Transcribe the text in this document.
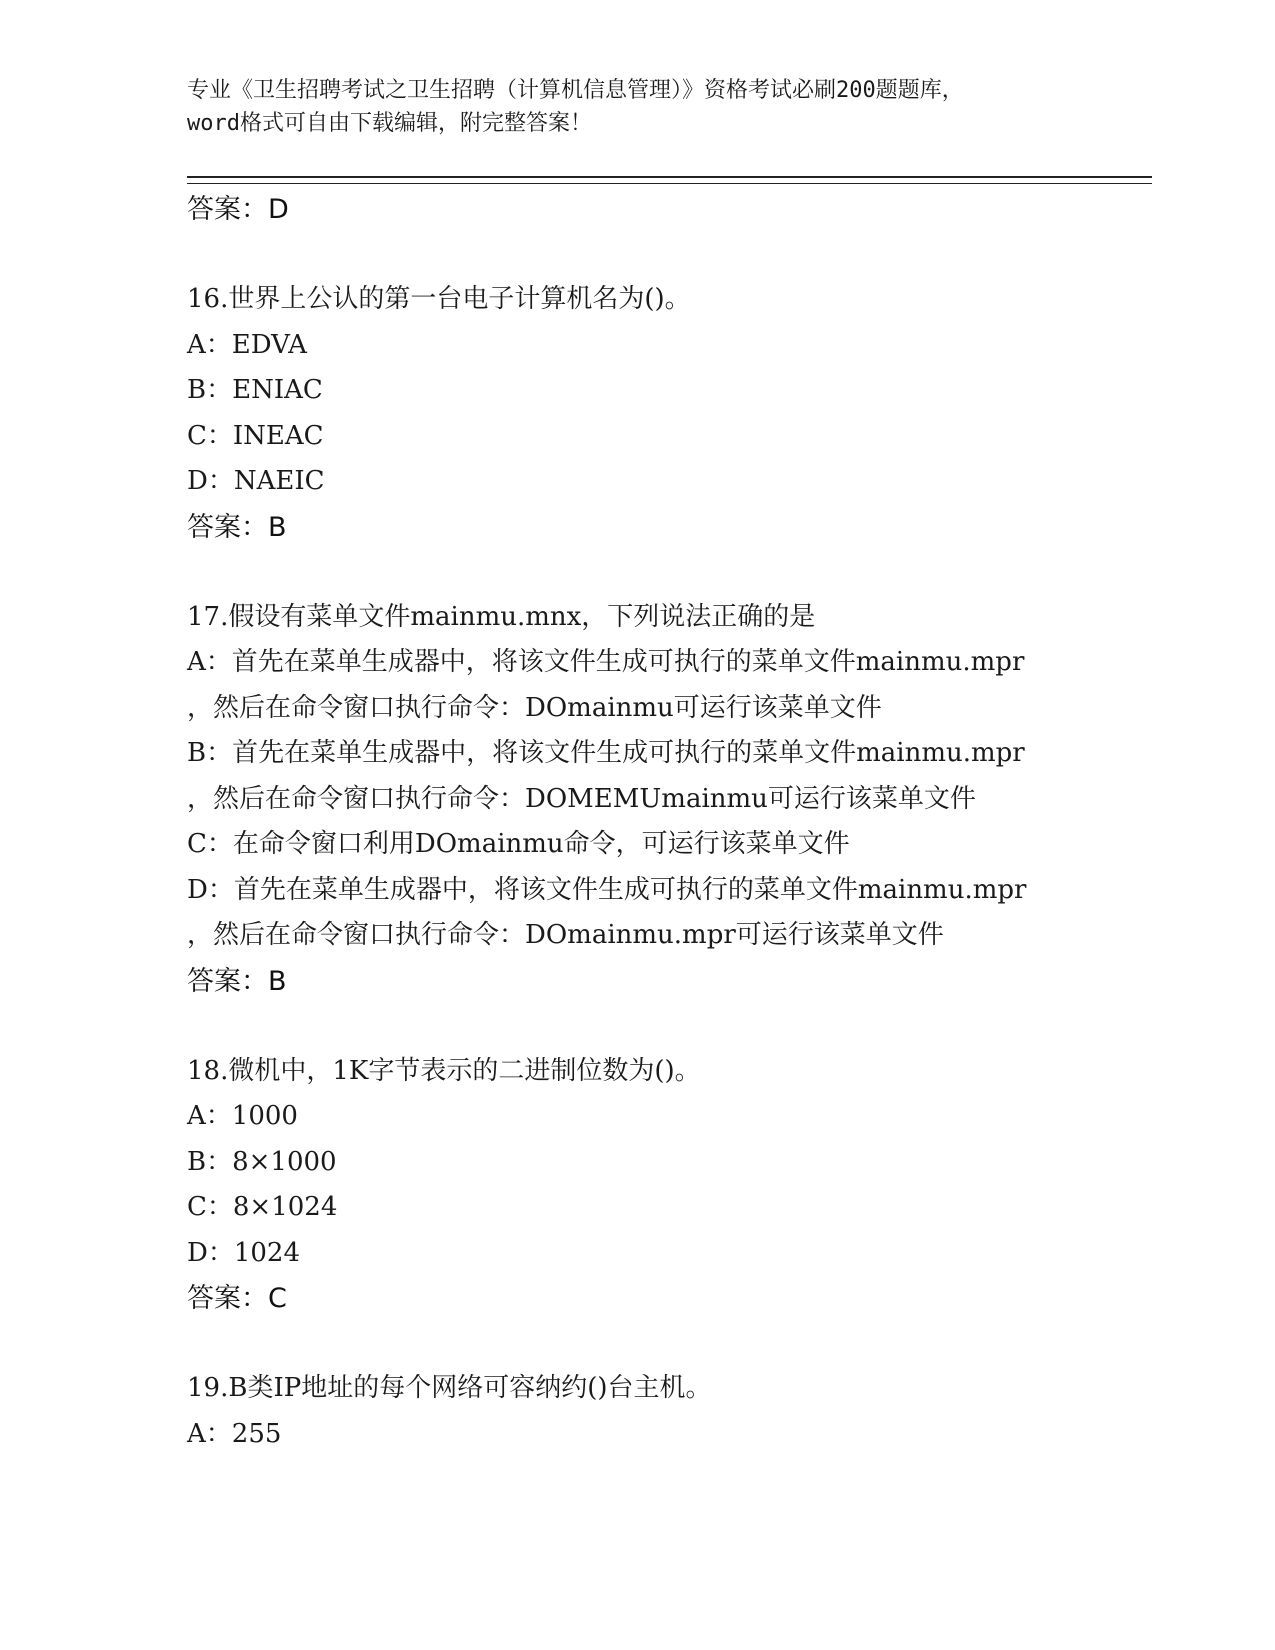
专业《卫生招聘考试之卫生招聘（计算机信息管理）》资格考试必刷200题题库，
word格式可自由下载编辑，附完整答案！
答案：D
16.世界上公认的第一台电子计算机名为()。
A：EDVA
B：ENIAC
C：INEAC
D：NAEIC
答案：B
17.假设有菜单文件mainmu.mnx，下列说法正确的是
A：首先在菜单生成器中，将该文件生成可执行的菜单文件mainmu.mpr
，然后在命令窗口执行命令：DOmainmu可运行该菜单文件
B：首先在菜单生成器中，将该文件生成可执行的菜单文件mainmu.mpr
，然后在命令窗口执行命令：DOMEMUmainmu可运行该菜单文件
C：在命令窗口利用DOmainmu命令，可运行该菜单文件
D：首先在菜单生成器中，将该文件生成可执行的菜单文件mainmu.mpr
，然后在命令窗口执行命令：DOmainmu.mpr可运行该菜单文件
答案：B
18.微机中，1K字节表示的二进制位数为()。
A：1000
B：8×1000
C：8×1024
D：1024
答案：C
19.B类IP地址的每个网络可容纳约()台主机。
A：255
